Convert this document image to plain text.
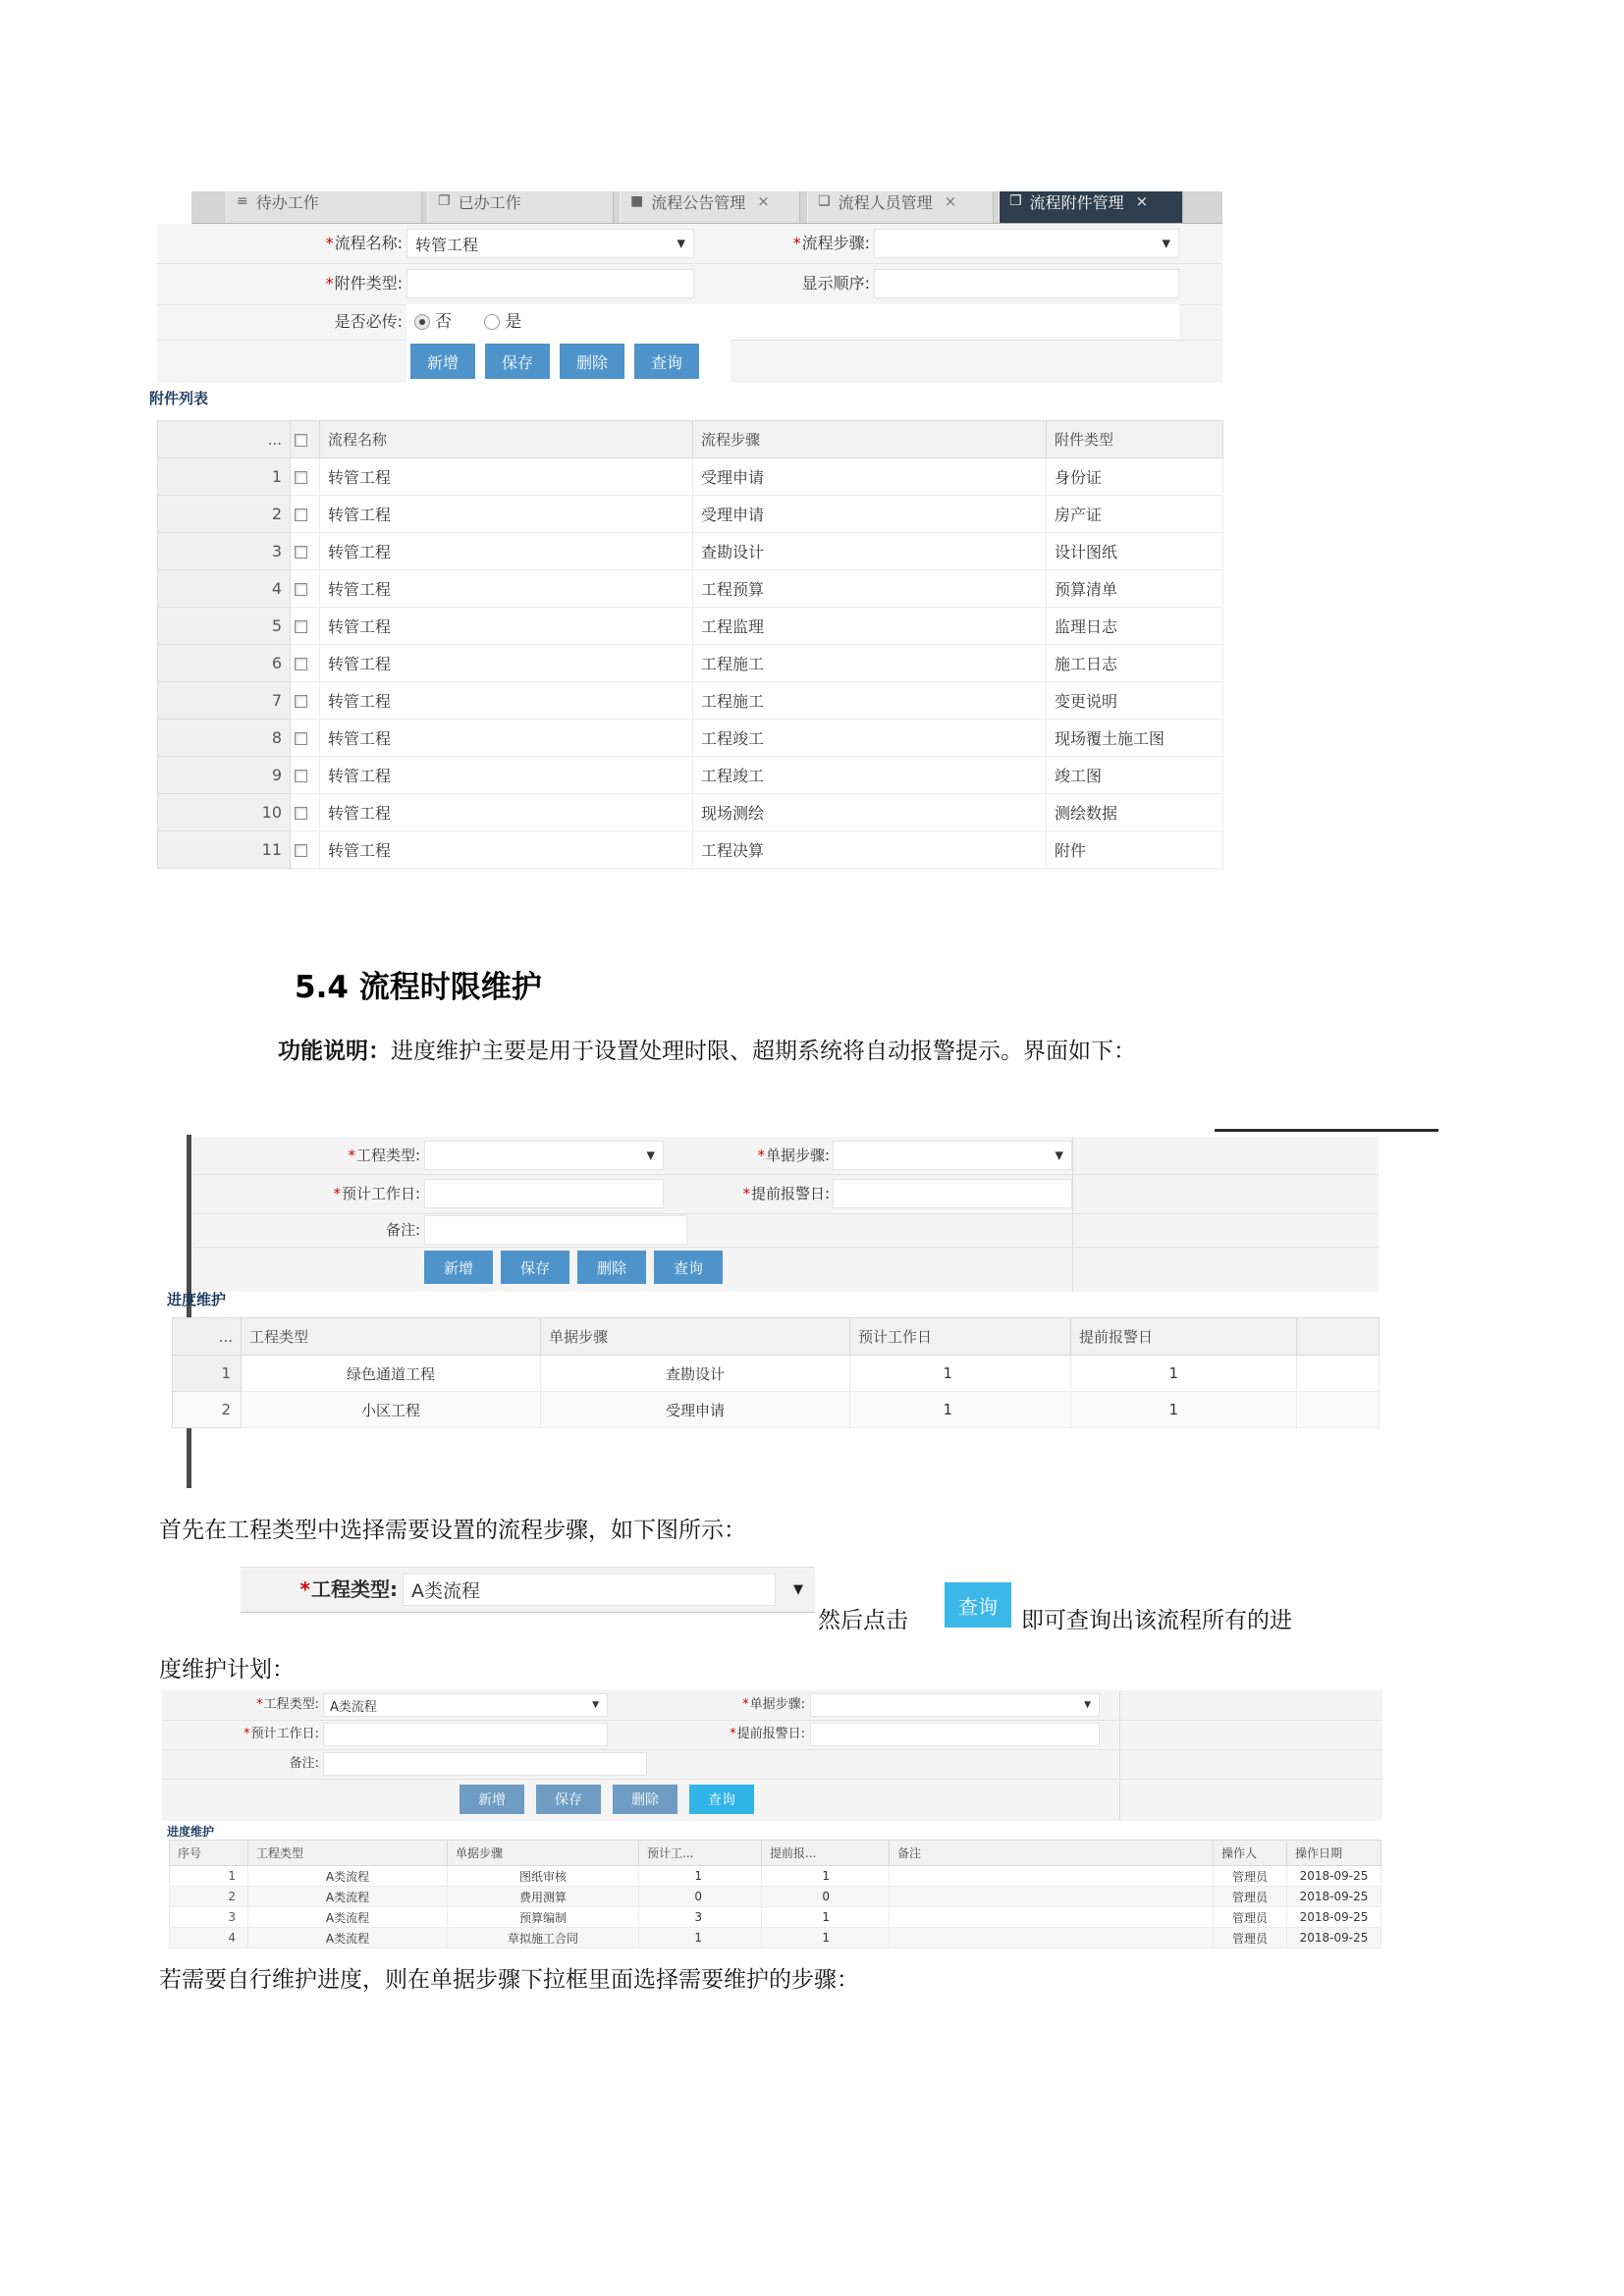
≡ 待办工作	❐ 已办工作	■ 流程公告管理 ×	❏ 流程人员管理 ×	❒ 流程附件管理 ×
*流程名称: 转管工程	▼	*流程步骤:	▼
*附件类型:	显示顺序:
是否必传:	否	是
新增	保存	删除	查询
附件列表
...		流程名称	流程步骤	附件类型
1		转管工程	受理申请	身份证
2		转管工程	受理申请	房产证
3		转管工程	查勘设计	设计图纸
4		转管工程	工程预算	预算清单
5		转管工程	工程监理	监理日志
6		转管工程	工程施工	施工日志
7		转管工程	工程施工	变更说明
8		转管工程	工程竣工	现场覆土施工图
9		转管工程	工程竣工	竣工图
10		转管工程	现场测绘	测绘数据
11		转管工程	工程决算	附件
5.4 流程时限维护
功能说明：进度维护主要是用于设置处理时限、超期系统将自动报警提示。界面如下：
*工程类型:	▼	*单据步骤:	▼
*预计工作日:	*提前报警日:
备注:
新增	保存	删除	查询
进度维护
...	工程类型	单据步骤	预计工作日	提前报警日	
1	绿色通道工程	查勘设计	1	1	
2	小区工程	受理申请	1	1	
首先在工程类型中选择需要设置的流程步骤，如下图所示：
*工程类型: A类流程	▼
然后点击
查询
即可查询出该流程所有的进
度维护计划：
*工程类型: A类流程	▼	*单据步骤:	▼
*预计工作日:	*提前报警日:
备注:
新增	保存	删除	查询
进度维护
序号	工程类型	单据步骤	预计工...	提前报...	备注	操作人	操作日期
1	A类流程	图纸审核	1	1		管理员	2018-09-25
2	A类流程	费用测算	0	0		管理员	2018-09-25
3	A类流程	预算编制	3	1		管理员	2018-09-25
4	A类流程	草拟施工合同	1	1		管理员	2018-09-25
若需要自行维护进度，则在单据步骤下拉框里面选择需要维护的步骤：
